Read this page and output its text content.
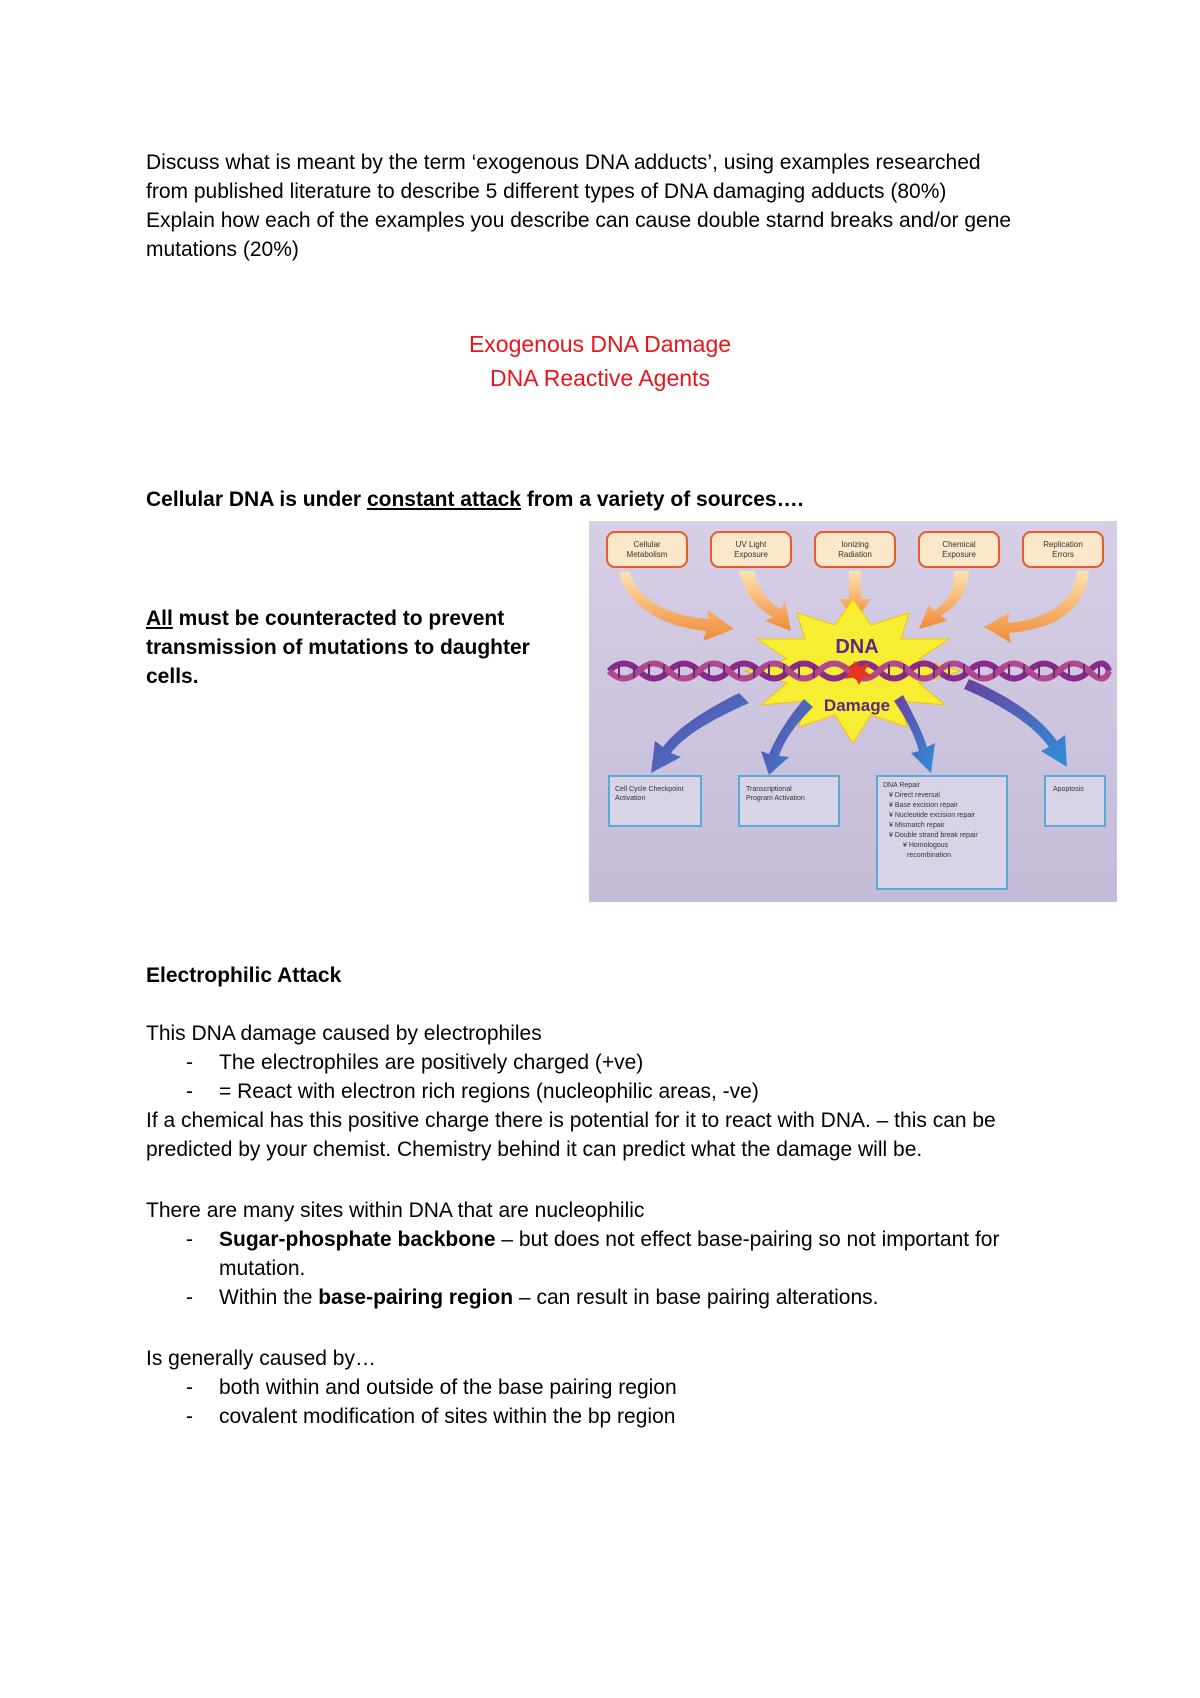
Discuss what is meant by the term ‘exogenous DNA adducts’, using examples researched

from published literature to describe 5 different types of DNA damaging adducts (80%)

Explain how each of the examples you describe can cause double starnd breaks and/or gene

mutations (20%)

Exogenous DNA Damage
DNA Reactive Agents
Cellular DNA is under constant attack from a variety of sources….
All must be counteracted to prevent transmission of mutations to daughter cells.
Cellular
Metabolism
UV Light
Exposure
Ionizing
Radiation
Chemical
Exposure
Replication
Errors
DNA
Damage
Cell Cycle Checkpoint
Activation
Transcriptional
Program Activation
Apoptosis
DNA Repair
¥ Direct reversal
¥ Base excision repair
¥ Nucleotide excision repair
¥ Mismatch repair
¥ Double strand break repair
¥ Homologous
recombination
Electrophilic Attack
This DNA damage caused by electrophiles
- The electrophiles are positively charged (+ve)
- = React with electron rich regions (nucleophilic areas, -ve)
If a chemical has this positive charge there is potential for it to react with DNA. – this can be
predicted by your chemist. Chemistry behind it can predict what the damage will be.
There are many sites within DNA that are nucleophilic
- Sugar-phosphate backbone – but does not effect base-pairing so not important for
mutation.
- Within the base-pairing region – can result in base pairing alterations.
Is generally caused by…
- both within and outside of the base pairing region
- covalent modification of sites within the bp region
